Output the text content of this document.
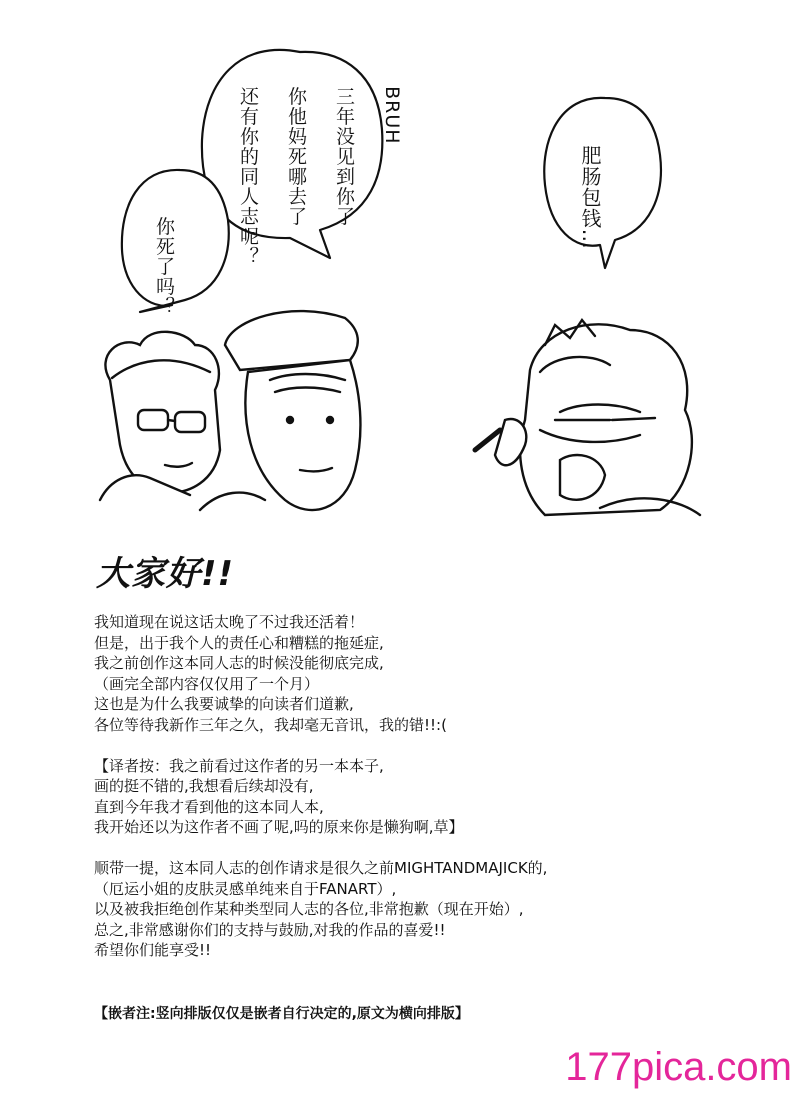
BRUH

三年没见到你了

你他妈死哪去了

还有你的同人志呢？

你死了吗？

肥肠包钱…

大家好!!
我知道现在说这话太晚了不过我还活着！
但是，出于我个人的责任心和糟糕的拖延症,
我之前创作这本同人志的时候没能彻底完成,
（画完全部内容仅仅用了一个月）
这也是为什么我要诚挚的向读者们道歉,
各位等待我新作三年之久，我却毫无音讯，我的错!!:(
【译者按：我之前看过这作者的另一本本子,
画的挺不错的,我想看后续却没有,
直到今年我才看到他的这本同人本,
我开始还以为这作者不画了呢,吗的原来你是懒狗啊,草】
顺带一提，这本同人志的创作请求是很久之前MIGHTANDMAJICK的,
（厄运小姐的皮肤灵感单纯来自于FANART）,
以及被我拒绝创作某种类型同人志的各位,非常抱歉（现在开始）,
总之,非常感谢你们的支持与鼓励,对我的作品的喜爱!!
希望你们能享受!!
【嵌者注:竖向排版仅仅是嵌者自行决定的,原文为横向排版】
177pica.com
